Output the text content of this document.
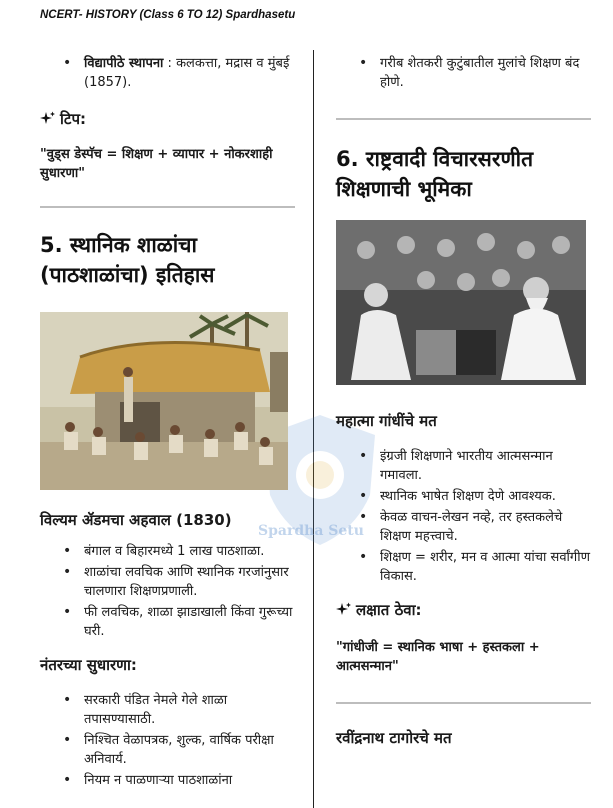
NCERT- HISTORY (Class 6 TO 12) Spardhasetu
Spardha Setu
• विद्यापीठे स्थापना : कलकत्ता, मद्रास व मुंबई (1857).
टिप:

"वुड्स डेस्पॅच = शिक्षण + व्यापार + नोकरशाही सुधारणा"

5. स्थानिक शाळांचा (पाठशाळांचा) इतिहास
विल्यम ॲडमचा अहवाल (1830)
• बंगाल व बिहारमध्ये 1 लाख पाठशाळा.
• शाळांचा लवचिक आणि स्थानिक गरजांनुसार चालणारा शिक्षणप्रणाली.
• फी लवचिक, शाळा झाडाखाली किंवा गुरूच्या घरी.
नंतरच्या सुधारणा:
• सरकारी पंडित नेमले गेले शाळा तपासण्यासाठी.
• निश्चित वेळापत्रक, शुल्क, वार्षिक परीक्षा अनिवार्य.
• नियम न पाळणाऱ्या पाठशाळांना
• गरीब शेतकरी कुटुंबातील मुलांचे शिक्षण बंद होणे.
6. राष्ट्रवादी विचारसरणीत शिक्षणाची भूमिका
महात्मा गांधींचे मत
• इंग्रजी शिक्षणाने भारतीय आत्मसन्मान गमावला.
• स्थानिक भाषेत शिक्षण देणे आवश्यक.
• केवळ वाचन-लेखन नव्हे, तर हस्तकलेचे शिक्षण महत्त्वाचे.
• शिक्षण = शरीर, मन व आत्मा यांचा सर्वांगीण विकास.
लक्षात ठेवा:

"गांधीजी = स्थानिक भाषा + हस्तकला + आत्मसन्मान"

रवींद्रनाथ टागोरचे मत
